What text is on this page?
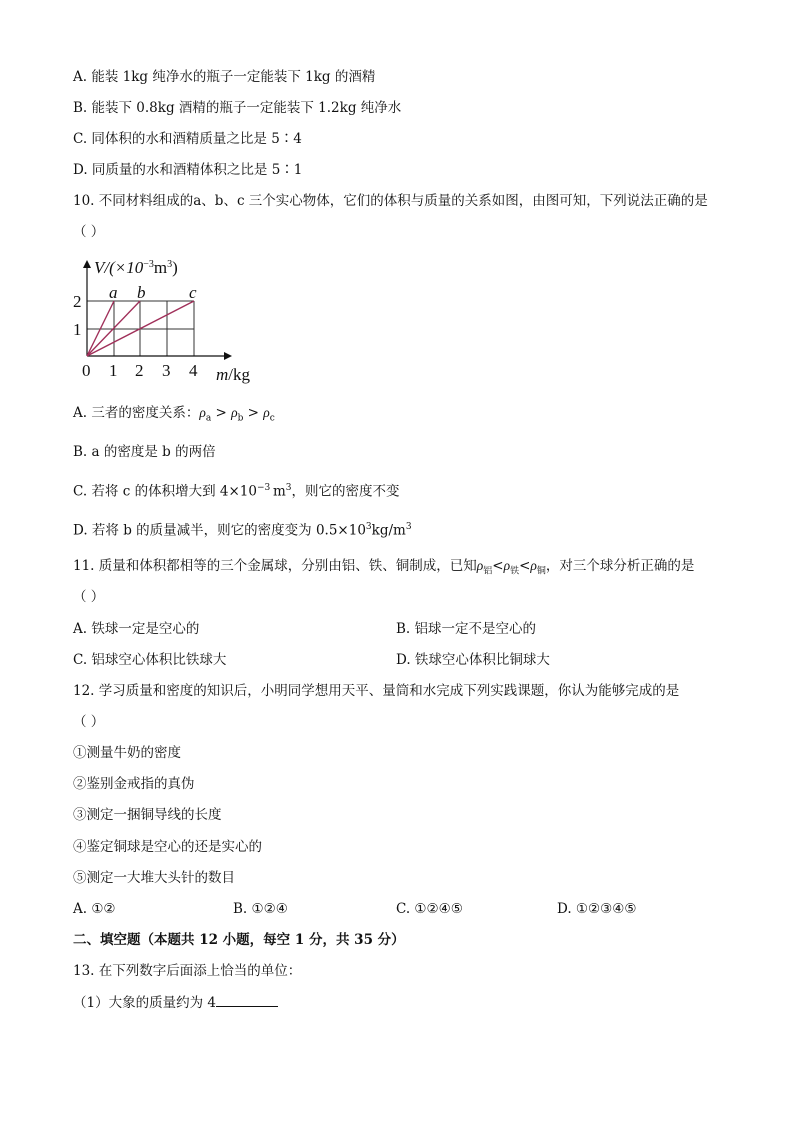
A. 能装 1kg 纯净水的瓶子一定能装下 1kg 的酒精
B. 能装下 0.8kg 酒精的瓶子一定能装下 1.2kg 纯净水
C. 同体积的水和酒精质量之比是 5∶4
D. 同质量的水和酒精体积之比是 5∶1
10. 不同材料组成的a、b、c 三个实心物体，它们的体积与质量的关系如图，由图可知，下列说法正确的是
（ ）
$V/(\times 10^{-3}m^3)$
a b	c
2
1
0 1 2 3 4 m/kg
A. 三者的密度关系：$\rho_a > \rho_b > \rho_c$
B. a 的密度是 b 的两倍
C. 若将 c 的体积增大到 $4\times 10^{-3}$  $m^3$，则它的密度不变
D. 若将 b 的质量减半，则它的密度变为 $0.5\times 10^3kg/m^3$
11. 质量和体积都相等的三个金属球，分别由铝、铁、铜制成，已知$\rho_铝<\rho_铁<\rho_铜$，对三个球分析正确的是
（ ）
A. 铁球一定是空心的	B. 铝球一定不是空心的
C. 铝球空心体积比铁球大	D. 铁球空心体积比铜球大
12. 学习质量和密度的知识后，小明同学想用天平、量筒和水完成下列实践课题，你认为能够完成的是
（ ）
①测量牛奶的密度
②鉴别金戒指的真伪
③测定一捆铜导线的长度
④鉴定铜球是空心的还是实心的
⑤测定一大堆大头针的数目
A. ①②	B. ①②④	C. ①②④⑤	D. ①②③④⑤
二、填空题（本题共 12 小题，每空 1 分，共 35 分）
13. 在下列数字后面添上恰当的单位：
（1）大象的质量约为 4
